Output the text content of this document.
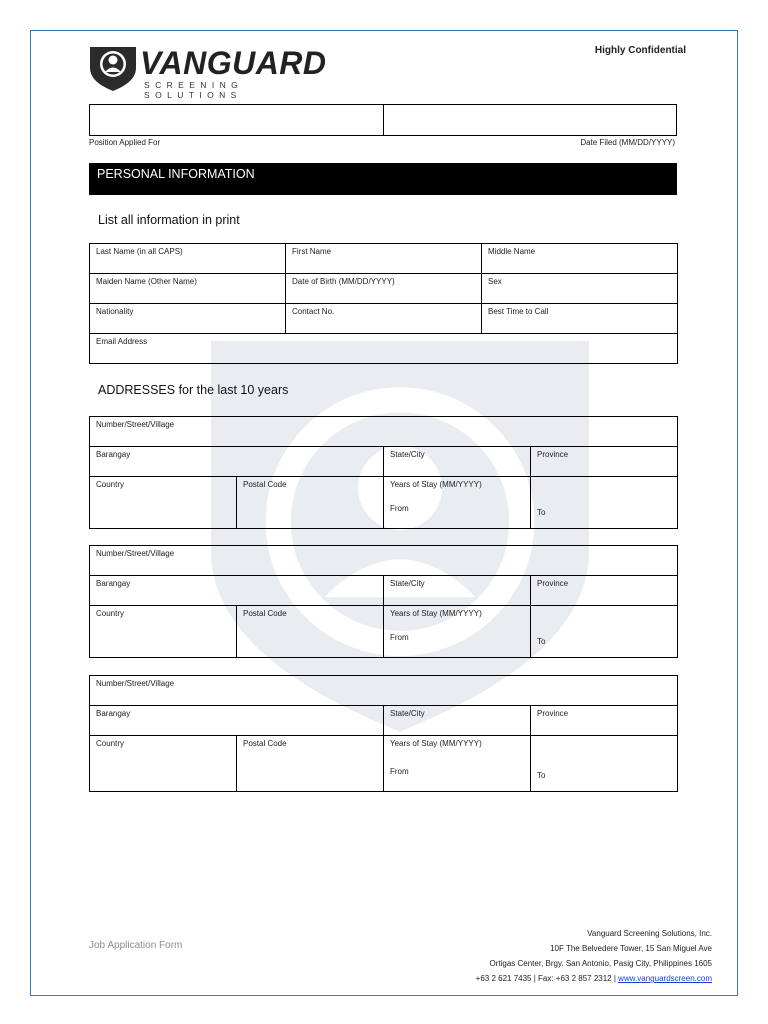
VANGUARD
SCREENING SOLUTIONS
Highly Confidential
Position Applied For	Date Filed (MM/DD/YYYY)
PERSONAL INFORMATION
List all information in print
Last Name (in all CAPS)	First Name	Middle Name
Maiden Name (Other Name)	Date of Birth (MM/DD/YYYY)	Sex
Nationality	Contact No.	Best Time to Call
Email Address		
ADDRESSES for the last 10 years
Number/Street/Village			
Barangay		State/City	Province
Country	Postal Code	Years of Stay (MM/YYYY)
From	To
Number/Street/Village			
Barangay		State/City	Province
Country	Postal Code	Years of Stay (MM/YYYY)
From	To
Number/Street/Village			
Barangay		State/City	Province
Country	Postal Code	Years of Stay (MM/YYYY)
From	To
Job Application Form
Vanguard Screening Solutions, Inc.
10F The Belvedere Tower, 15 San Miguel Ave
Ortigas Center, Brgy. San Antonio, Pasig City, Philippines 1605
+63 2 621 7435 | Fax: +63 2 857 2312 | www.vanguardscreen.com
